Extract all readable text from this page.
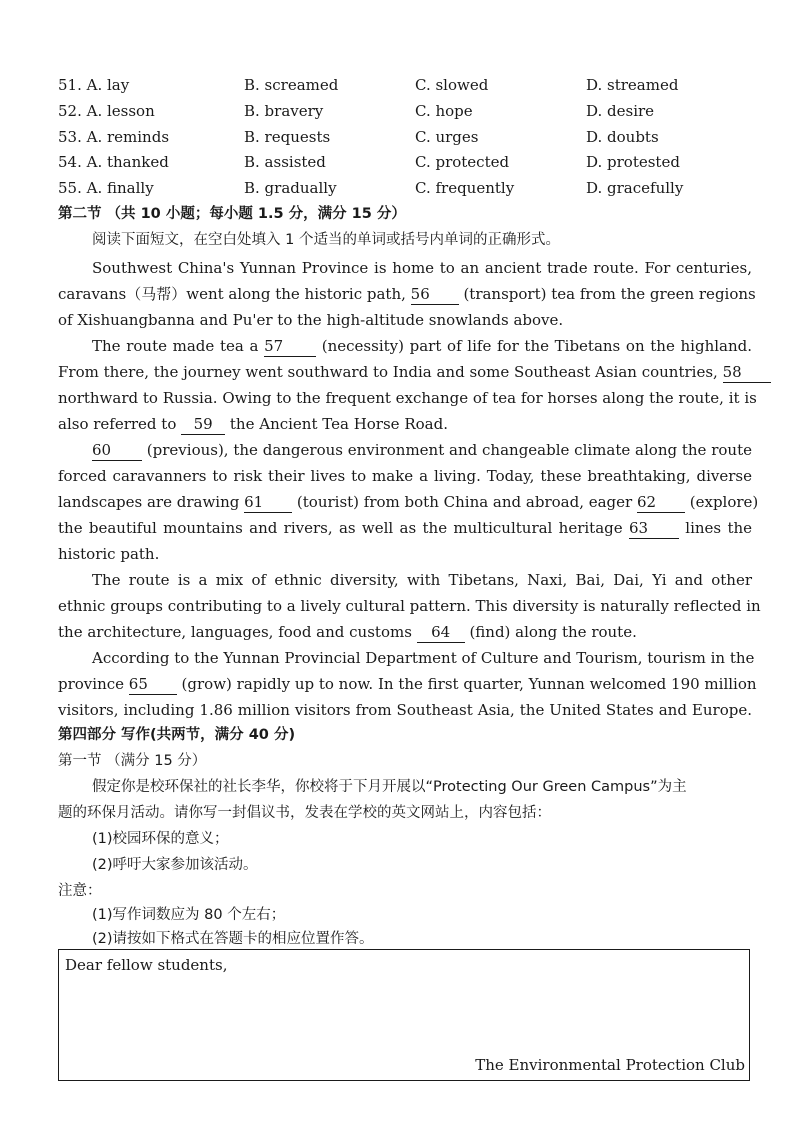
51. A. lay	B. screamed	C. slowed	D. streamed
52. A. lesson	B. bravery	C. hope	D. desire
53. A. reminds	B. requests	C. urges	D. doubts
54. A. thanked	B. assisted	C. protected	D. protested
55. A. finally	B. gradually	C. frequently	D. gracefully
第二节 （共 10 小题；每小题 1.5 分，满分 15 分）
阅读下面短文，在空白处填入 1 个适当的单词或括号内单词的正确形式。
Southwest China's Yunnan Province is home to an ancient trade route. For centuries,
caravans（马帮）went along the historic path, 56 (transport) tea from the green regions
of Xishuangbanna and Pu'er to the high-altitude snowlands above.
The route made tea a 57 (necessity) part of life for the Tibetans on the highland.
From there, the journey went southward to India and some Southeast Asian countries, 58
northward to Russia. Owing to the frequent exchange of tea for horses along the route, it is
also referred to 59 the Ancient Tea Horse Road.
60 (previous), the dangerous environment and changeable climate along the route
forced caravanners to risk their lives to make a living. Today, these breathtaking, diverse
landscapes are drawing 61 (tourist) from both China and abroad, eager 62 (explore)
the beautiful mountains and rivers, as well as the multicultural heritage 63 lines the
historic path.
The route is a mix of ethnic diversity, with Tibetans, Naxi, Bai, Dai, Yi and other
ethnic groups contributing to a lively cultural pattern. This diversity is naturally reflected in
the architecture, languages, food and customs 64 (find) along the route.
According to the Yunnan Provincial Department of Culture and Tourism, tourism in the
province 65 (grow) rapidly up to now. In the first quarter, Yunnan welcomed 190 million
visitors, including 1.86 million visitors from Southeast Asia, the United States and Europe.
第四部分 写作(共两节，满分 40 分)
第一节 （满分 15 分）
假定你是校环保社的社长李华，你校将于下月开展以“Protecting Our Green Campus”为主
题的环保月活动。请你写一封倡议书，发表在学校的英文网站上，内容包括：
(1)校园环保的意义；
(2)呼吁大家参加该活动。
注意：
(1)写作词数应为 80 个左右；
(2)请按如下格式在答题卡的相应位置作答。
Dear fellow students,
The Environmental Protection Club
